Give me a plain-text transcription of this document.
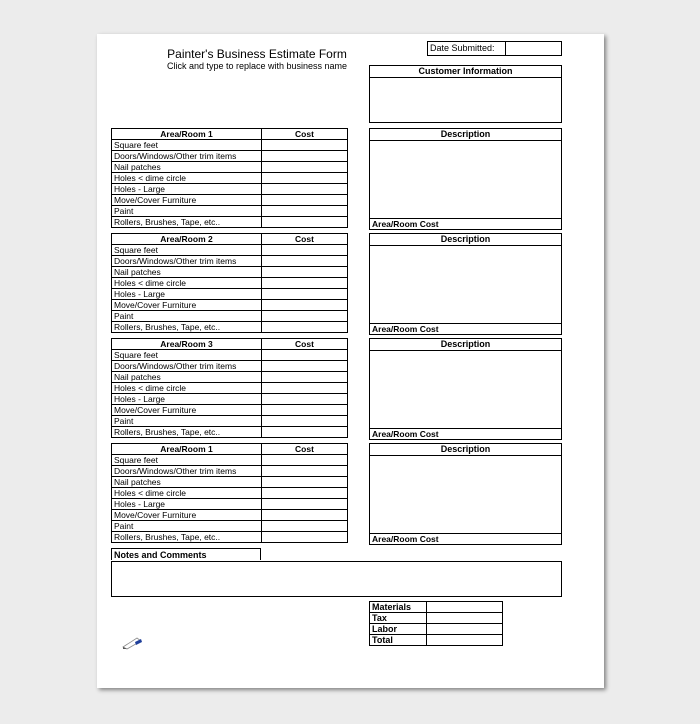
Painter's Business Estimate Form
Click and type to replace with business name
Date Submitted:
Customer Information
Area/Room 1	Cost
Square feet	
Doors/Windows/Other trim items	
Nail patches	
Holes < dime circle	
Holes - Large	
Move/Cover Furniture	
Paint	
Rollers, Brushes, Tape, etc..	
Area/Room 2	Cost
Square feet	
Doors/Windows/Other trim items	
Nail patches	
Holes < dime circle	
Holes - Large	
Move/Cover Furniture	
Paint	
Rollers, Brushes, Tape, etc..	
Area/Room 3	Cost
Square feet	
Doors/Windows/Other trim items	
Nail patches	
Holes < dime circle	
Holes - Large	
Move/Cover Furniture	
Paint	
Rollers, Brushes, Tape, etc..	
Area/Room 1	Cost
Square feet	
Doors/Windows/Other trim items	
Nail patches	
Holes < dime circle	
Holes - Large	
Move/Cover Furniture	
Paint	
Rollers, Brushes, Tape, etc..	
Description
Area/Room Cost
Description
Area/Room Cost
Description
Area/Room Cost
Description
Area/Room Cost
Notes and Comments
Materials	
Tax	
Labor	
Total	
